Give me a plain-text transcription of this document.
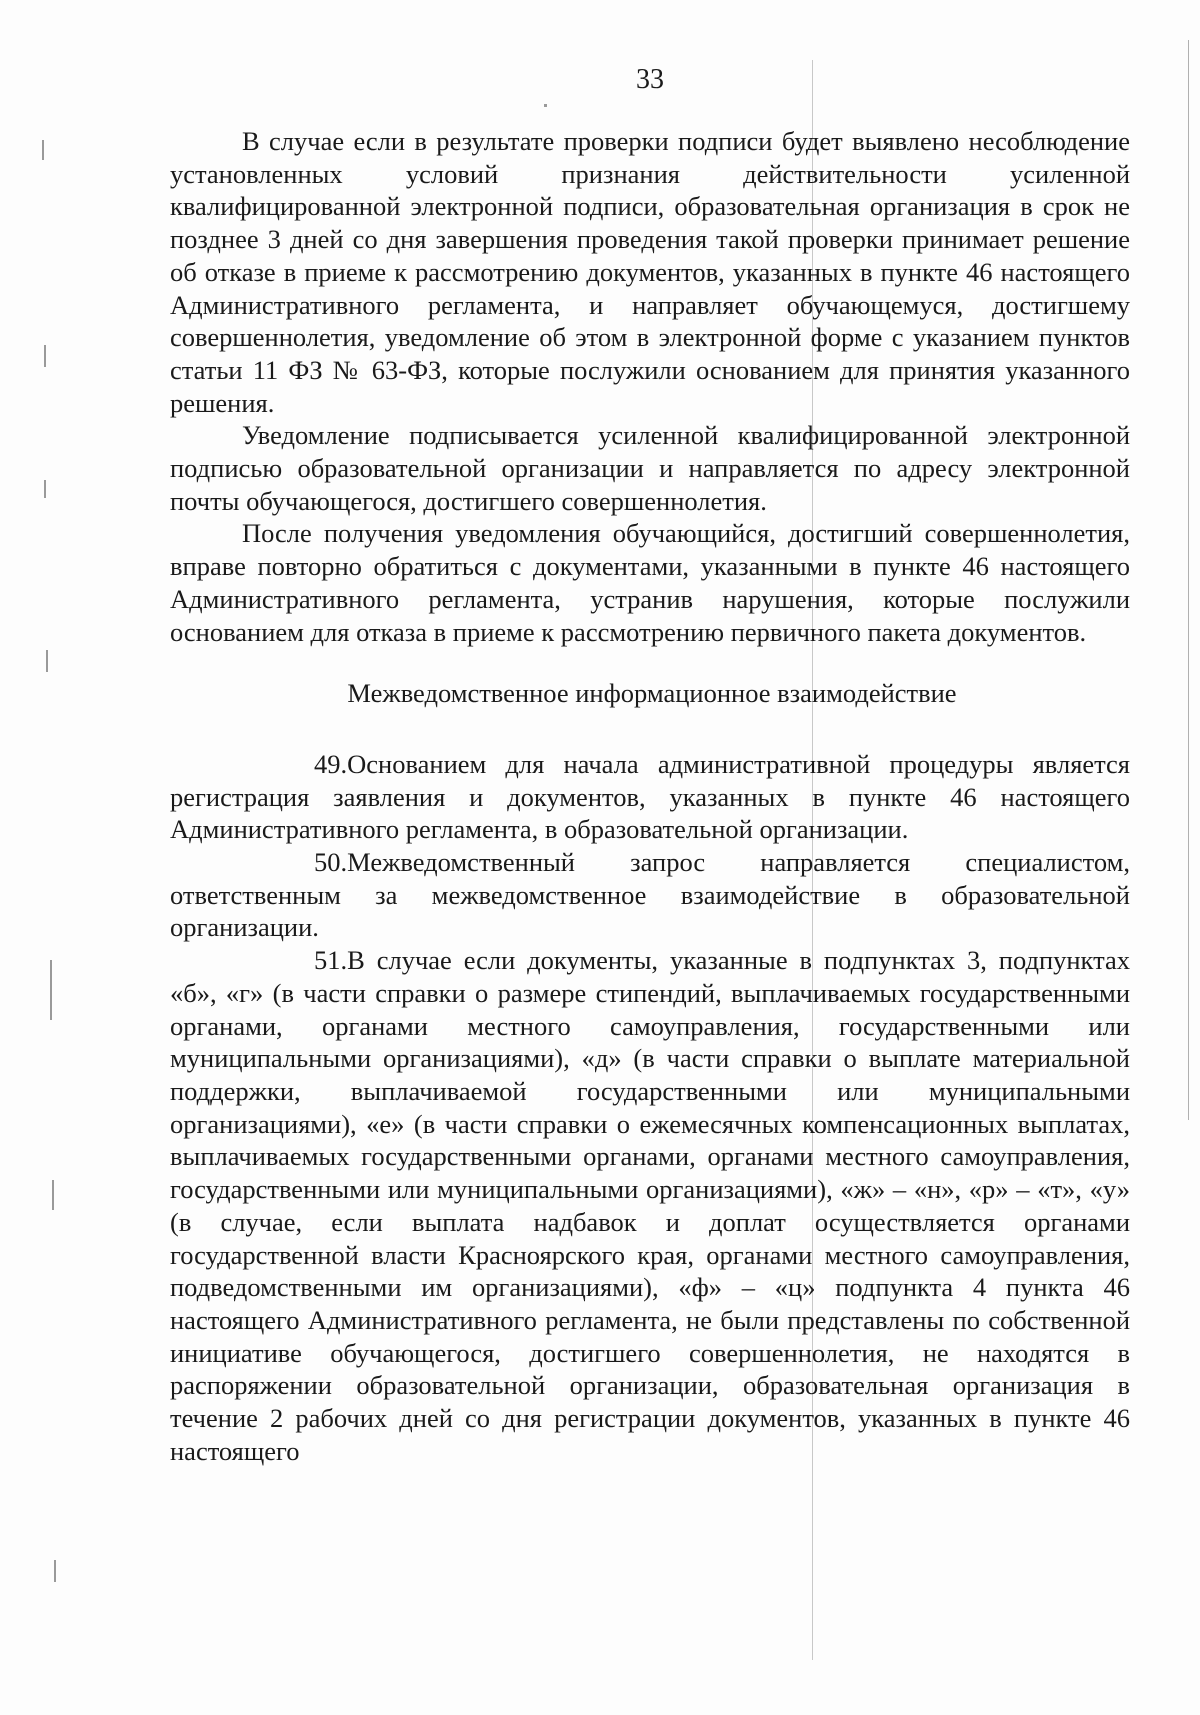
33

В случае если в результате проверки подписи будет выявлено несоблюдение установленных условий признания действительности усиленной квалифицированной электронной подписи, образовательная организация в срок не позднее 3 дней со дня завершения проведения такой проверки принимает решение об отказе в приеме к рассмотрению документов, указанных в пункте 46 настоящего Административного регламента, и направляет обучающемуся, достигшему совершеннолетия, уведомление об этом в электронной форме с указанием пунктов статьи 11 ФЗ № 63-ФЗ, которые послужили основанием для принятия указанного решения.

Уведомление подписывается усиленной квалифицированной электронной подписью образовательной организации и направляется по адресу электронной почты обучающегося, достигшего совершеннолетия.

После получения уведомления обучающийся, достигший совершеннолетия, вправе повторно обратиться с документами, указанными в пункте 46 настоящего Административного регламента, устранив нарушения, которые послужили основанием для отказа в приеме к рассмотрению первичного пакета документов.

Межведомственное информационное взаимодействие

49.Основанием для начала административной процедуры является регистрация заявления и документов, указанных в пункте 46 настоящего Административного регламента, в образовательной организации.

50.Межведомственный запрос направляется специалистом, ответственным за межведомственное взаимодействие в образовательной организации.

51.В случае если документы, указанные в подпунктах 3, подпунктах «б», «г» (в части справки о размере стипендий, выплачиваемых государственными органами, органами местного самоуправления, государственными или муниципальными организациями), «д» (в части справки о выплате материальной поддержки, выплачиваемой государственными или муниципальными организациями), «е» (в части справки о ежемесячных компенсационных выплатах, выплачиваемых государственными органами, органами местного самоуправления, государственными или муниципальными организациями), «ж» – «н», «р» – «т», «у» (в случае, если выплата надбавок и доплат осуществляется органами государственной власти Красноярского края, органами местного самоуправления, подведомственными им организациями), «ф» – «ц» подпункта 4 пункта 46 настоящего Административного регламента, не были представлены по собственной инициативе обучающегося, достигшего совершеннолетия, не находятся в распоряжении образовательной организации, образовательная организация в течение 2 рабочих дней со дня регистрации документов, указанных в пункте 46 настоящего
